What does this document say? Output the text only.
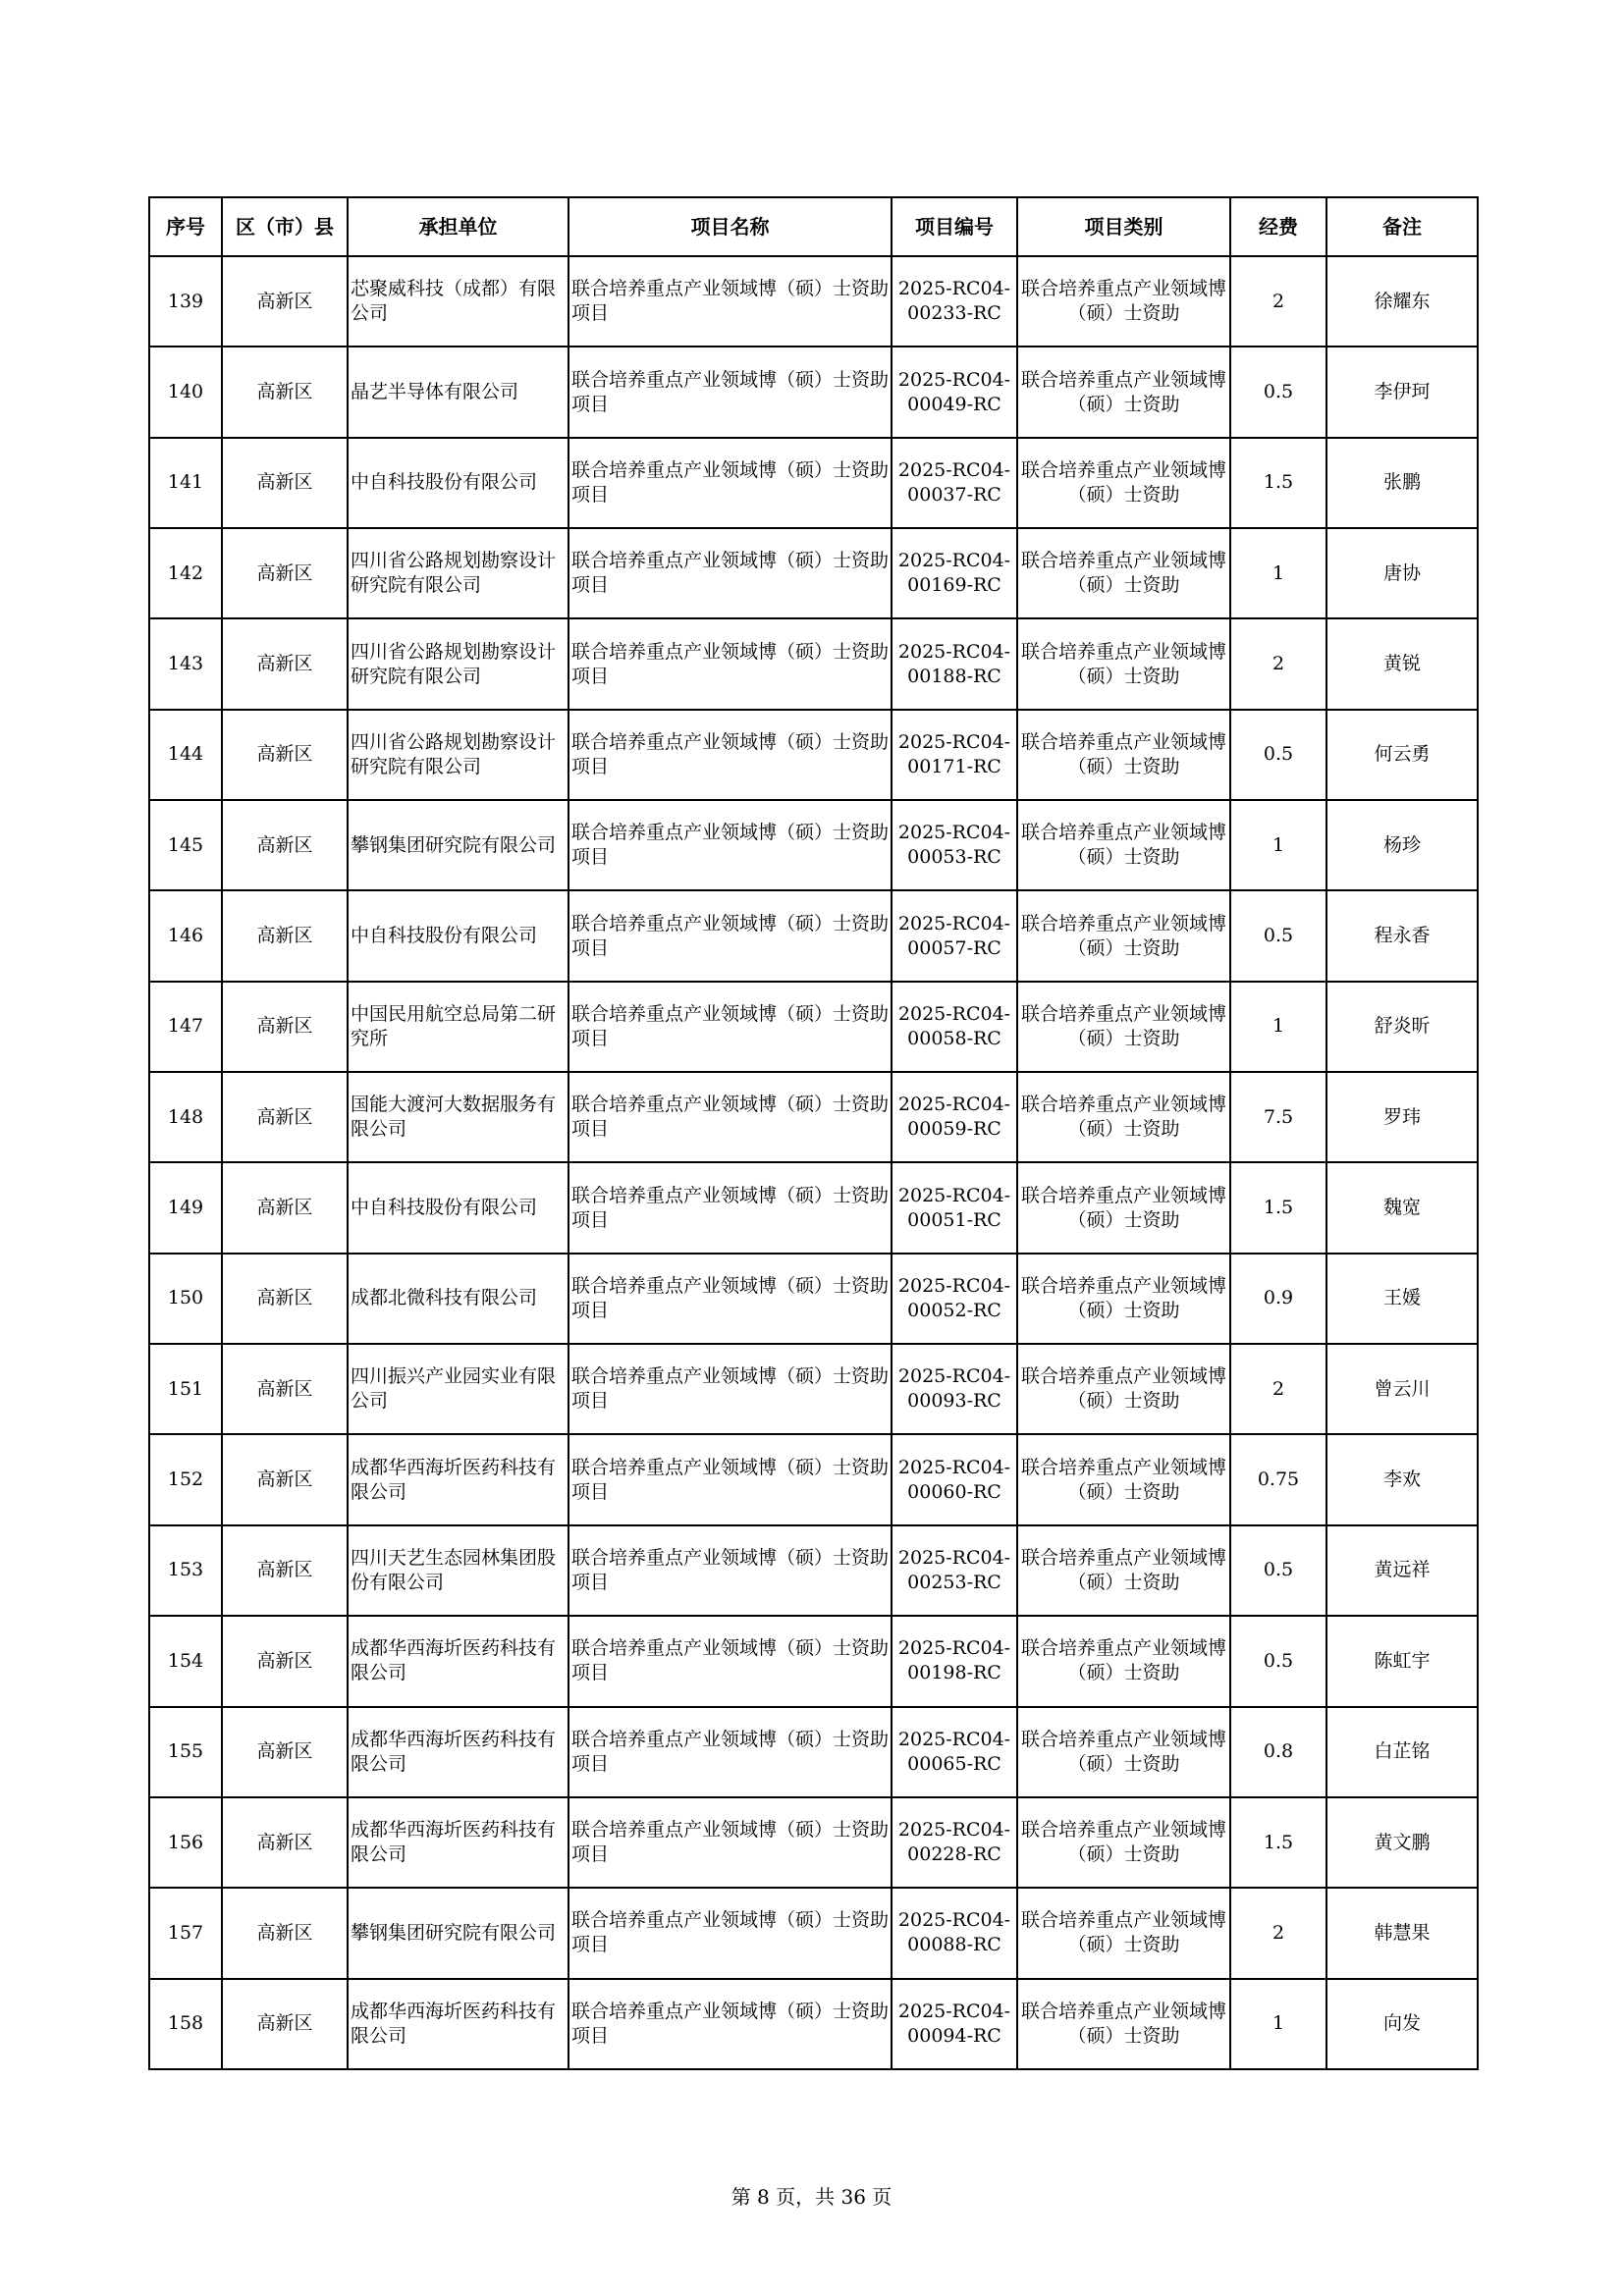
序号	区（市）县	承担单位	项目名称	项目编号	项目类别	经费	备注
139	高新区	芯聚威科技（成都）有限公司	联合培养重点产业领域博（硕）士资助项目	2025-RC04-00233-RC	联合培养重点产业领域博（硕）士资助	2	徐耀东
140	高新区	晶艺半导体有限公司	联合培养重点产业领域博（硕）士资助项目	2025-RC04-00049-RC	联合培养重点产业领域博（硕）士资助	0.5	李伊珂
141	高新区	中自科技股份有限公司	联合培养重点产业领域博（硕）士资助项目	2025-RC04-00037-RC	联合培养重点产业领域博（硕）士资助	1.5	张鹏
142	高新区	四川省公路规划勘察设计研究院有限公司	联合培养重点产业领域博（硕）士资助项目	2025-RC04-00169-RC	联合培养重点产业领域博（硕）士资助	1	唐协
143	高新区	四川省公路规划勘察设计研究院有限公司	联合培养重点产业领域博（硕）士资助项目	2025-RC04-00188-RC	联合培养重点产业领域博（硕）士资助	2	黄锐
144	高新区	四川省公路规划勘察设计研究院有限公司	联合培养重点产业领域博（硕）士资助项目	2025-RC04-00171-RC	联合培养重点产业领域博（硕）士资助	0.5	何云勇
145	高新区	攀钢集团研究院有限公司	联合培养重点产业领域博（硕）士资助项目	2025-RC04-00053-RC	联合培养重点产业领域博（硕）士资助	1	杨珍
146	高新区	中自科技股份有限公司	联合培养重点产业领域博（硕）士资助项目	2025-RC04-00057-RC	联合培养重点产业领域博（硕）士资助	0.5	程永香
147	高新区	中国民用航空总局第二研究所	联合培养重点产业领域博（硕）士资助项目	2025-RC04-00058-RC	联合培养重点产业领域博（硕）士资助	1	舒炎昕
148	高新区	国能大渡河大数据服务有限公司	联合培养重点产业领域博（硕）士资助项目	2025-RC04-00059-RC	联合培养重点产业领域博（硕）士资助	7.5	罗玮
149	高新区	中自科技股份有限公司	联合培养重点产业领域博（硕）士资助项目	2025-RC04-00051-RC	联合培养重点产业领域博（硕）士资助	1.5	魏宽
150	高新区	成都北微科技有限公司	联合培养重点产业领域博（硕）士资助项目	2025-RC04-00052-RC	联合培养重点产业领域博（硕）士资助	0.9	王媛
151	高新区	四川振兴产业园实业有限公司	联合培养重点产业领域博（硕）士资助项目	2025-RC04-00093-RC	联合培养重点产业领域博（硕）士资助	2	曾云川
152	高新区	成都华西海圻医药科技有限公司	联合培养重点产业领域博（硕）士资助项目	2025-RC04-00060-RC	联合培养重点产业领域博（硕）士资助	0.75	李欢
153	高新区	四川天艺生态园林集团股份有限公司	联合培养重点产业领域博（硕）士资助项目	2025-RC04-00253-RC	联合培养重点产业领域博（硕）士资助	0.5	黄远祥
154	高新区	成都华西海圻医药科技有限公司	联合培养重点产业领域博（硕）士资助项目	2025-RC04-00198-RC	联合培养重点产业领域博（硕）士资助	0.5	陈虹宇
155	高新区	成都华西海圻医药科技有限公司	联合培养重点产业领域博（硕）士资助项目	2025-RC04-00065-RC	联合培养重点产业领域博（硕）士资助	0.8	白芷铭
156	高新区	成都华西海圻医药科技有限公司	联合培养重点产业领域博（硕）士资助项目	2025-RC04-00228-RC	联合培养重点产业领域博（硕）士资助	1.5	黄文鹏
157	高新区	攀钢集团研究院有限公司	联合培养重点产业领域博（硕）士资助项目	2025-RC04-00088-RC	联合培养重点产业领域博（硕）士资助	2	韩慧果
158	高新区	成都华西海圻医药科技有限公司	联合培养重点产业领域博（硕）士资助项目	2025-RC04-00094-RC	联合培养重点产业领域博（硕）士资助	1	向发
第 8 页，共 36 页
